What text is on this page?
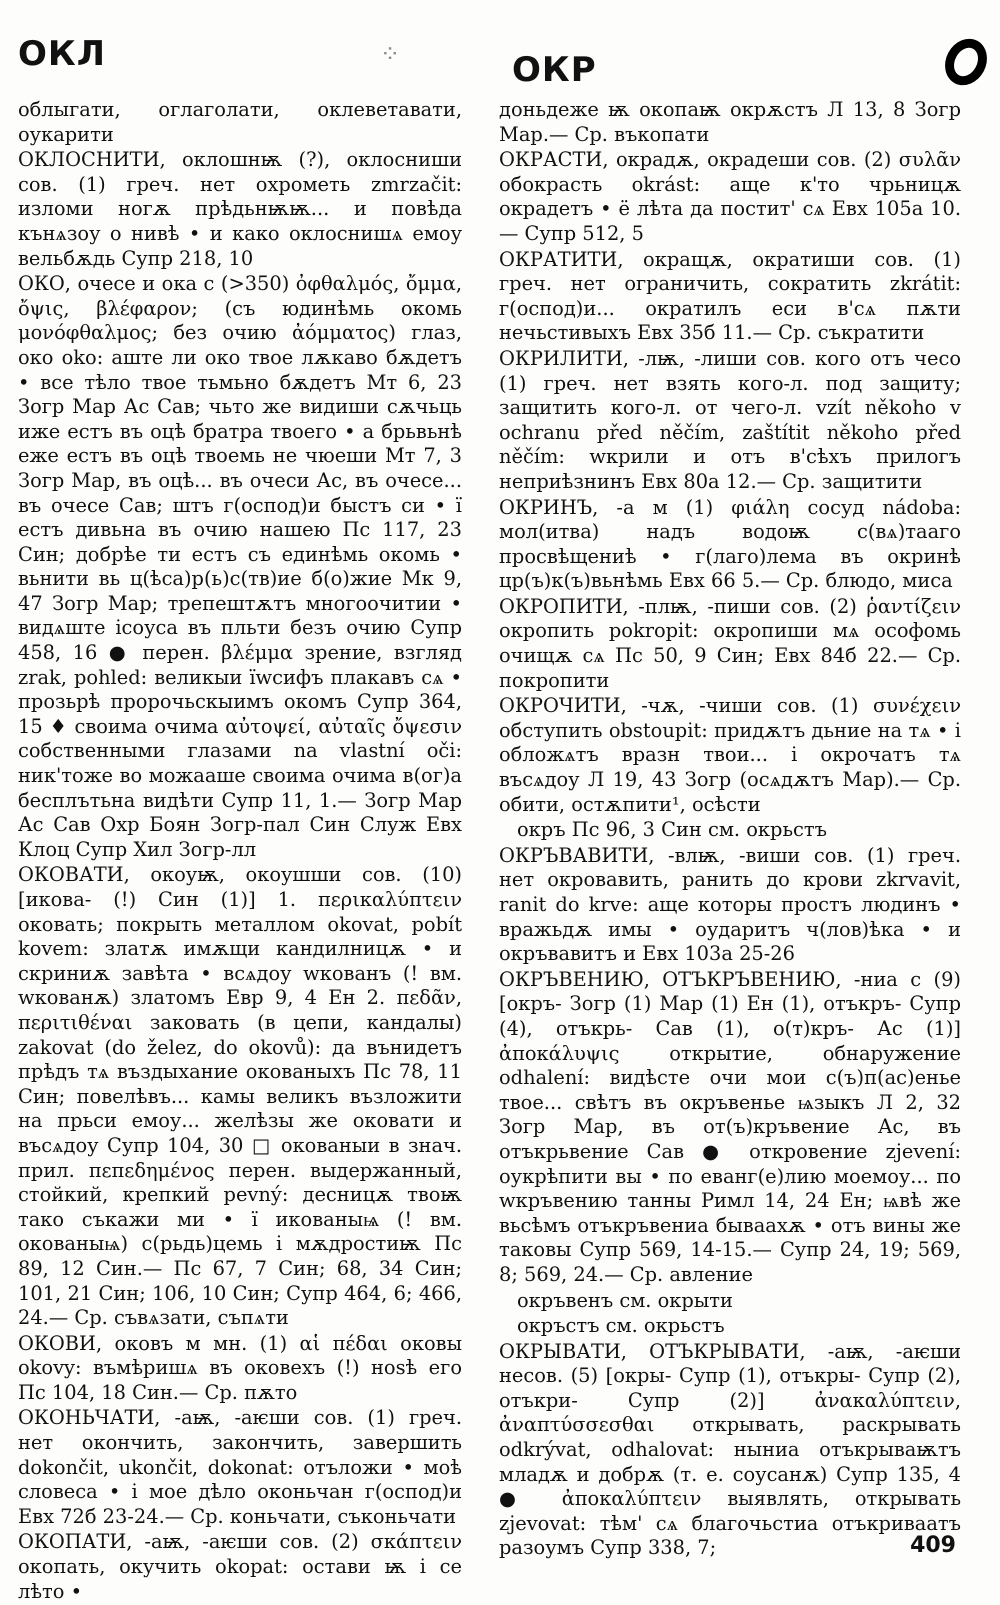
ОКЛ	⁘	ОКР

облыгати, оглаголати, оклеветавати, оукарити

ОКЛОСНИТИ, оклошнѭ (?), оклосниши сов. (1) греч. нет охрометь zmrzačit: изломи ногѫ прѣдьнѭѭ... и повѣда кънѧзоу о нивѣ • и како оклоснишѧ емоу вельбѫдь Супр 218, 10

ОКО, очесе и ока с (>350) ὀφθαλμός, ὄμμα, ὄψις, βλέφαρον; (съ юдинѣмь окомь μονόφθαλμος; без очию ἀόμματος) глаз, око oko: аште ли око твое лѫкаво бѫдетъ • все тѣло твое тьмьно бѫдетъ Мт 6, 23 Зогр Мар Ас Сав; чьто же видиши сѫчьць иже естъ въ оцѣ братра твоего • а брьвьнѣ еже естъ въ оцѣ твоемь не чюеши Мт 7, 3 Зогр Мар, въ оцѣ... въ очеси Ас, въ очесе... въ очесе Сав; штъ г(оспод)и быстъ си • ї естъ дивьна въ очию нашею Пс 117, 23 Син; добрѣе ти естъ съ единѣмь окомь • вьнити вь ц(ѣса)р(ь)с(тв)ие б(о)жие Мк 9, 47 Зогр Мар; трепештѫтъ многоочитии • видѧште ісоуса въ пльти безъ очию Супр 458, 16 ● перен. βλέμμα зрение, взгляд zrak, pohled: великыи їwсифъ плакавъ сѧ • прозьрѣ пророчьскыимъ окомъ Супр 364, 15 ♦ своима очима αὐτοψεί, αὐταῖς ὄψεσιν собственными глазами na vlastní oči: ник'тоже во можааше своима очима в(ог)а бесплътьна видѣти Супр 11, 1.— Зогр Мар Ас Сав Охр Боян Зогр-пал Син Служ Евх Клоц Супр Хил Зогр-лл

ОКОВАТИ, окоуѭ, окоушши сов. (10) [икова- (!) Син (1)] 1. περικαλύπτειν оковать; покрыть металлом okovat, pobít kovem: златѫ имѫщи кандилницѫ • и скриниѫ завѣта • всѧдоу wкованъ (! вм. wкованѫ) златомъ Евр 9, 4 Ен 2. πεδᾶν, περιτιθέναι заковать (в цепи, кандалы) zakovat (do želez, do okovů): да вънидетъ прѣдъ тѧ въздыхание окованыхъ Пс 78, 11 Син; повелѣвъ... камы великъ възложити на прьси емоу... желѣзы же оковати и въсѧдоу Супр 104, 30 □ окованыи в знач. прил. πεπεδημένος перен. выдержанный, стойкий, крепкий pevný: десницѫ твоѭ тако съкажи ми • ї икованыѩ (! вм. окованыѩ) с(рьдь)цемь і мѫдростиѭ Пс 89, 12 Син.— Пс 67, 7 Син; 68, 34 Син; 101, 21 Син; 106, 10 Син; Супр 464, 6; 466, 24.— Ср. съвѧзати, съпѧти

ОКОВИ, оковъ м мн. (1) αἱ πέδαι оковы okovy: въмѣришѧ въ оковехъ (!) ноѕѣ его Пс 104, 18 Син.— Ср. пѫто

ОКОНЬЧАТИ, -аѭ, -аѥши сов. (1) греч. нет окончить, закончить, завершить dokončit, ukončit, dokonat: отъложи • моѣ словеса • і мое дѣло оконьчан г(оспод)и Евх 72б 23-24.— Ср. коньчати, съконьчати

ОКОПАТИ, -аѭ, -аѥши сов. (2) σκάπτειν окопать, окучить okopat: остави ѭ і се лѣто •

доньдеже ѭ окопаѭ окрѫстъ Л 13, 8 Зогр Мар.— Ср. въкопати

ОКРАСТИ, окрадѫ, окрадеши сов. (2) συλᾶν обокрасть okrást: аще к'то чрьницѫ окрадетъ • ё лѣта да постит' сѧ Евх 105а 10.— Супр 512, 5

ОКРАТИТИ, окращѫ, ократиши сов. (1) греч. нет ограничить, сократить zkrátit: г(оспод)и... ократилъ еси в'сѧ пѫти нечьстивыхъ Евх 35б 11.— Ср. съкратити

ОКРИЛИТИ, -лѭ, -лиши сов. кого отъ чесо (1) греч. нет взять кого-л. под защиту; защитить кого-л. от чего-л. vzít někoho v ochranu před něčím, zaštítit někoho před něčím: wкрили и отъ в'сѣхъ прилогъ неприѣзнинъ Евх 80а 12.— Ср. защитити

ОКРИНЪ, -а м (1) φιάλη сосуд nádoba: мол(итва) надъ водоѭ с(вѧ)тааго просвѣщениѣ • г(лаго)лема въ окринѣ цр(ъ)к(ъ)вьнѣмь Евх 66 5.— Ср. блюдо, миса

ОКРОПИТИ, -плѭ, -пиши сов. (2) ῥαντίζειν окропить pokropit: окропиши мѧ ософомь очищѫ сѧ Пс 50, 9 Син; Евх 84б 22.— Ср. покропити

ОКРОЧИТИ, -чѫ, -чиши сов. (1) συνέχειν обступить obstoupit: придѫтъ дьние на тѧ • і обложѧтъ вразн твои... і окрочатъ тѧ въсѧдоу Л 19, 43 Зогр (осѧдѫтъ Мар).— Ср. обити, остѫпити¹, осѣсти

окръ Пс 96, 3 Син см. окрьстъ

ОКРЪВАВИТИ, -влѭ, -виши сов. (1) греч. нет окровавить, ранить до крови zkrvavit, ranit do krve: аще которы простъ людинъ • вражьдѫ имы • оударитъ ч(лов)ѣка • и окръвавитъ и Евх 103а 25-26

ОКРЪВЕНИЮ, ОТЪКРЪВЕНИЮ, -ниа с (9) [окръ- Зогр (1) Мар (1) Ен (1), отъкръ- Супр (4), отъкрь- Сав (1), о(т)кръ- Ас (1)] ἀποκάλυψις открытие, обнаружение odhalení: видѣсте очи мои с(ъ)п(ас)енье твое... свѣтъ въ окръвенье ѩзыкъ Л 2, 32 Зогр Мар, въ от(ъ)кръвение Ас, въ отъкрьвение Сав ● откровение zjevení: оукрѣпити вы • по еванг(е)лию моемоу... по wкръвению танны Римл 14, 24 Ен; ѩвѣ же вьсѣмъ отъкръвениа бываахѫ • отъ вины же таковы Супр 569, 14-15.— Супр 24, 19; 569, 8; 569, 24.— Ср. авление

окръвенъ см. окрыти

окръстъ см. окрьстъ

ОКРЫВАТИ, ОТЪКРЫВАТИ, -аѭ, -аѥши несов. (5) [окры- Супр (1), отъкры- Супр (2), отъкри- Супр (2)] ἀνακαλύπτειν, ἀναπτύσσεσθαι открывать, раскрывать odkrývat, odhalovat: ныниа отъкрываѭтъ младѫ и добрѫ (т. е. соусанѫ) Супр 135, 4 ● ἀποκαλύπτειν выявлять, открывать zjevovat: тѣм' сѧ благочьстиа отъкриваатъ разоумъ Супр 338, 7;	409
